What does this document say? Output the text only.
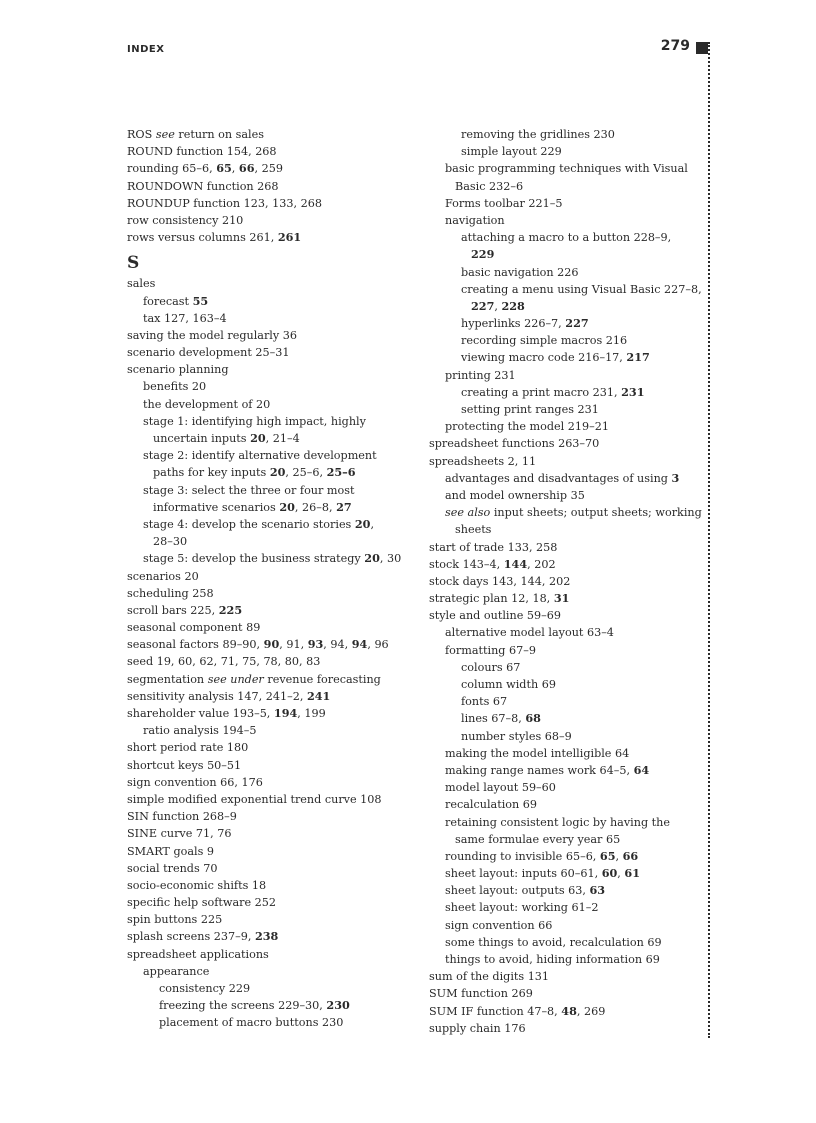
INDEX	279
ROS see return on sales
ROUND function 154, 268
rounding 65–6, 65, 66, 259
ROUNDOWN function 268
ROUNDUP function 123, 133, 268
row consistency 210
rows versus columns 261, 261
S
sales
forecast 55
tax 127, 163–4
saving the model regularly 36
scenario development 25–31
scenario planning
benefits 20
the development of 20
stage 1: identifying high impact, highly
uncertain inputs 20, 21–4
stage 2: identify alternative development
paths for key inputs 20, 25–6, 25–6
stage 3: select the three or four most
informative scenarios 20, 26–8, 27
stage 4: develop the scenario stories 20,
28–30
stage 5: develop the business strategy 20, 30
scenarios 20
scheduling 258
scroll bars 225, 225
seasonal component 89
seasonal factors 89–90, 90, 91, 93, 94, 94, 96
seed 19, 60, 62, 71, 75, 78, 80, 83
segmentation see under revenue forecasting
sensitivity analysis 147, 241–2, 241
shareholder value 193–5, 194, 199
ratio analysis 194–5
short period rate 180
shortcut keys 50–51
sign convention 66, 176
simple modified exponential trend curve 108
SIN function 268–9
SINE curve 71, 76
SMART goals 9
social trends 70
socio-economic shifts 18
specific help software 252
spin buttons 225
splash screens 237–9, 238
spreadsheet applications
appearance
consistency 229
freezing the screens 229–30, 230
placement of macro buttons 230
removing the gridlines 230
simple layout 229
basic programming techniques with Visual
Basic 232–6
Forms toolbar 221–5
navigation
attaching a macro to a button 228–9,
229
basic navigation 226
creating a menu using Visual Basic 227–8,
227, 228
hyperlinks 226–7, 227
recording simple macros 216
viewing macro code 216–17, 217
printing 231
creating a print macro 231, 231
setting print ranges 231
protecting the model 219–21
spreadsheet functions 263–70
spreadsheets 2, 11
advantages and disadvantages of using 3
and model ownership 35
see also input sheets; output sheets; working
sheets
start of trade 133, 258
stock 143–4, 144, 202
stock days 143, 144, 202
strategic plan 12, 18, 31
style and outline 59–69
alternative model layout 63–4
formatting 67–9
colours 67
column width 69
fonts 67
lines 67–8, 68
number styles 68–9
making the model intelligible 64
making range names work 64–5, 64
model layout 59–60
recalculation 69
retaining consistent logic by having the
same formulae every year 65
rounding to invisible 65–6, 65, 66
sheet layout: inputs 60–61, 60, 61
sheet layout: outputs 63, 63
sheet layout: working 61–2
sign convention 66
some things to avoid, recalculation 69
things to avoid, hiding information 69
sum of the digits 131
SUM function 269
SUM IF function 47–8, 48, 269
supply chain 176
